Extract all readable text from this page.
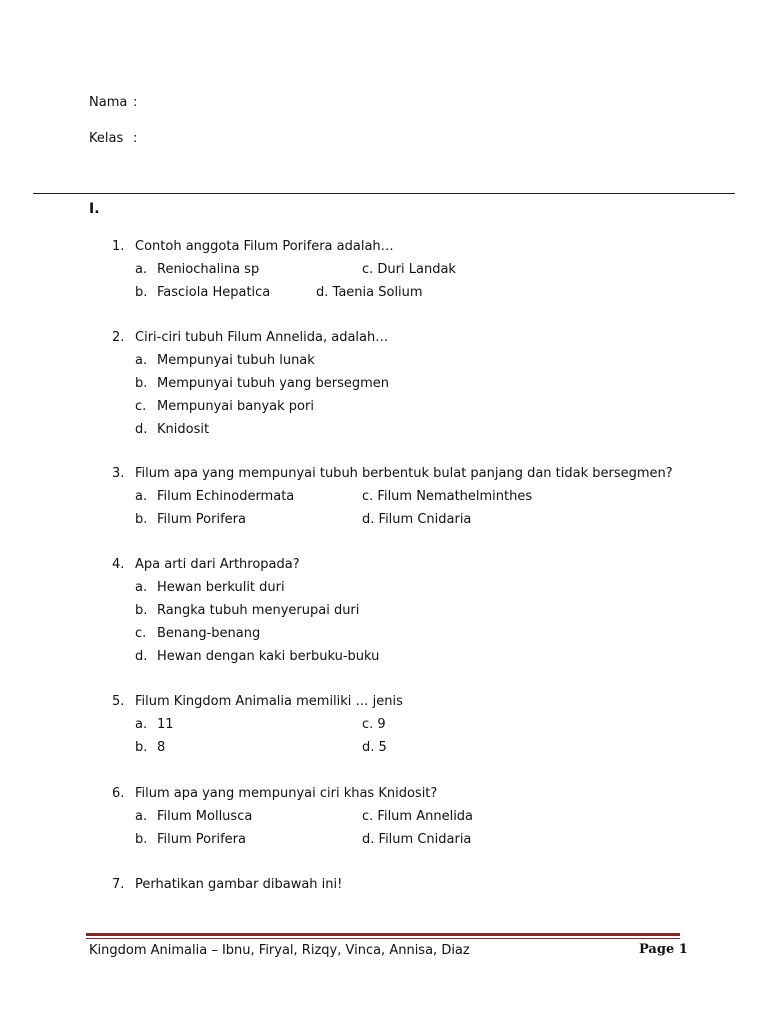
Nama :
Kelas :
I.
1. Contoh anggota Filum Porifera adalah…
a. Reniochalina sp	c. Duri Landak
b. Fasciola Hepatica	d. Taenia Solium
2. Ciri-ciri tubuh Filum Annelida, adalah…
a. Mempunyai tubuh lunak
b. Mempunyai tubuh yang bersegmen
c. Mempunyai banyak pori
d. Knidosit
3. Filum apa yang mempunyai tubuh berbentuk bulat panjang dan tidak bersegmen?
a. Filum Echinodermata	c. Filum Nemathelminthes
b. Filum Porifera	d. Filum Cnidaria
4. Apa arti dari Arthropada?
a. Hewan berkulit duri
b. Rangka tubuh menyerupai duri
c. Benang-benang
d. Hewan dengan kaki berbuku-buku
5. Filum Kingdom Animalia memiliki … jenis
a. 11	c. 9
b. 8	d. 5
6. Filum apa yang mempunyai ciri khas Knidosit?
a. Filum Mollusca	c. Filum Annelida
b. Filum Porifera	d. Filum Cnidaria
7. Perhatikan gambar dibawah ini!
Kingdom Animalia – Ibnu, Firyal, Rizqy, Vinca, Annisa, Diaz	Page 1
